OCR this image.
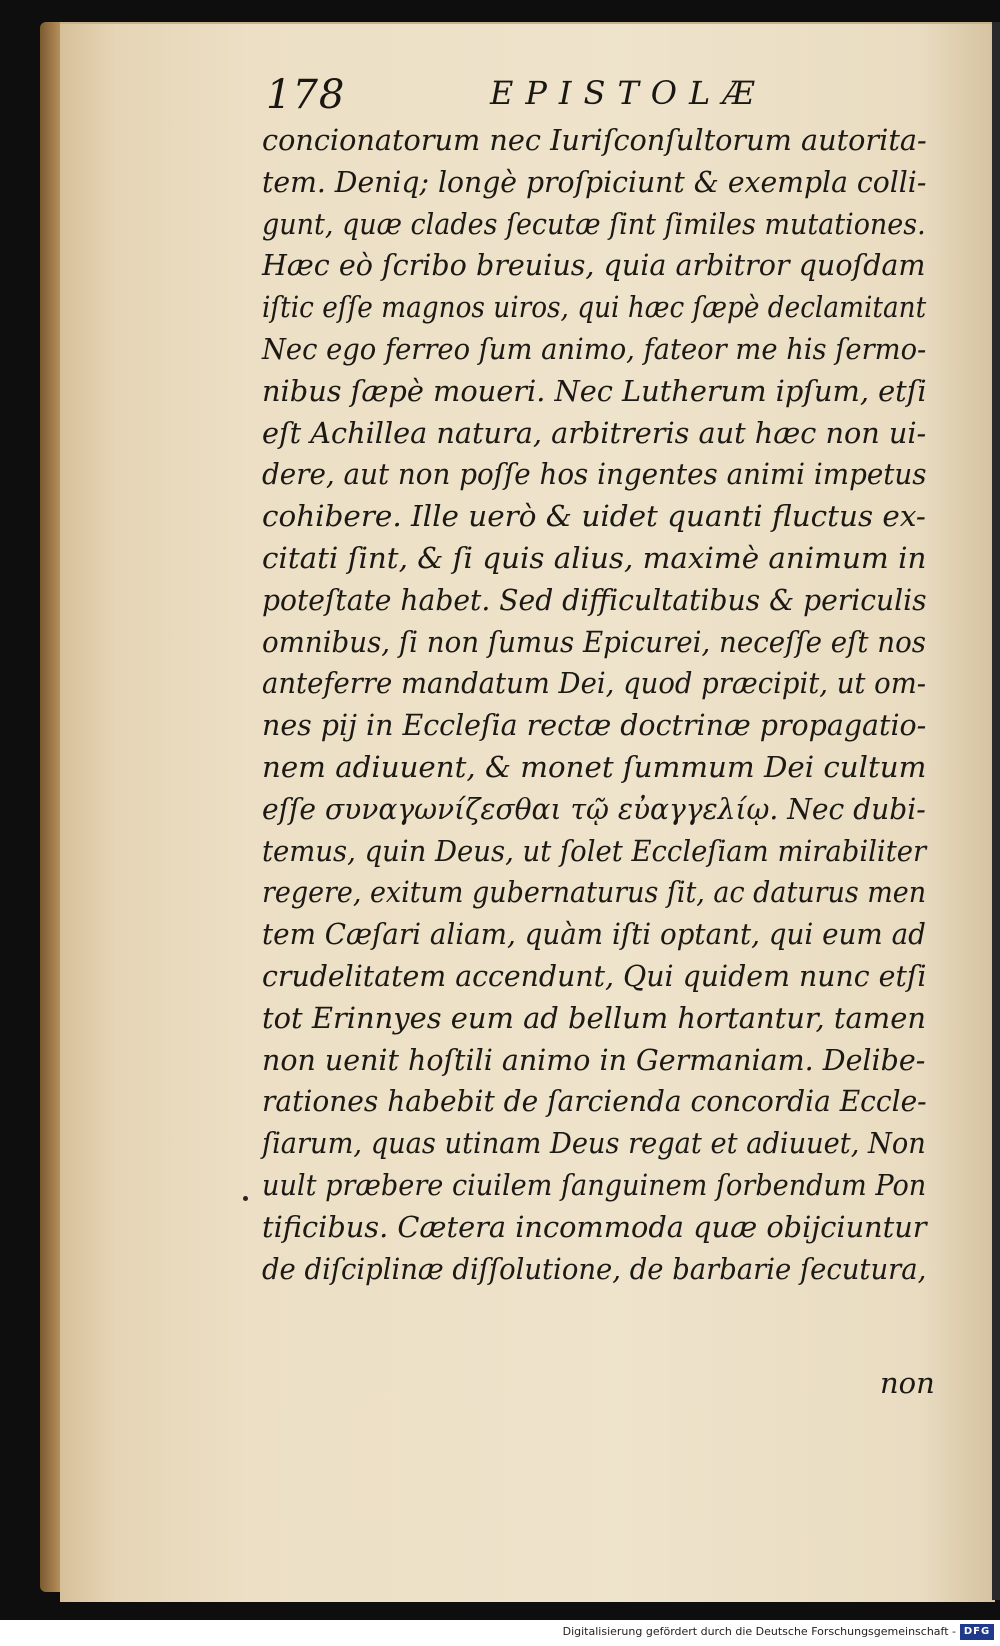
178	EPISTOLÆ
concionatorum nec Iuriſconſultorum autorita-
tem. Deniq; longè proſpiciunt & exempla colli-
gunt, quæ clades ſecutæ ſint ſimiles mutationes.
Hæc eò ſcribo breuius, quia arbitror quoſdam
iſtic eſſe magnos uiros, qui hæc ſæpè declamitant
Nec ego ferreo ſum animo, fateor me his ſermo-
nibus ſæpè moueri. Nec Lutherum ipſum, etſi
eſt Achillea natura, arbitreris aut hæc non ui-
dere, aut non poſſe hos ingentes animi impetus
cohibere. Ille uerò & uidet quanti fluctus ex-
citati ſint, & ſi quis alius, maximè animum in
poteſtate habet. Sed difficultatibus & periculis
omnibus, ſi non ſumus Epicurei, neceſſe eſt nos
anteferre mandatum Dei, quod præcipit, ut om-
nes pij in Eccleſia rectæ doctrinæ propagatio-
nem adiuuent, & monet ſummum Dei cultum
eſſe συναγωνίζεσθαι τῷ εὐαγγελίῳ. Nec dubi-
temus, quin Deus, ut ſolet Eccleſiam mirabiliter
regere, exitum gubernaturus ſit, ac daturus men
tem Cæſari aliam, quàm iſti optant, qui eum ad
crudelitatem accendunt, Qui quidem nunc etſi
tot Erinnyes eum ad bellum hortantur, tamen
non uenit hoſtili animo in Germaniam. Delibe-
rationes habebit de ſarcienda concordia Eccle-
ſiarum, quas utinam Deus regat et adiuuet, Non
uult præbere ciuilem ſanguinem ſorbendum Pon
tificibus. Cætera incommoda quæ obijciuntur
de diſciplinæ diſſolutione, de barbarie ſecutura,
non
Digitalisierung gefördert durch die Deutsche Forschungsgemeinschaft - DFG
